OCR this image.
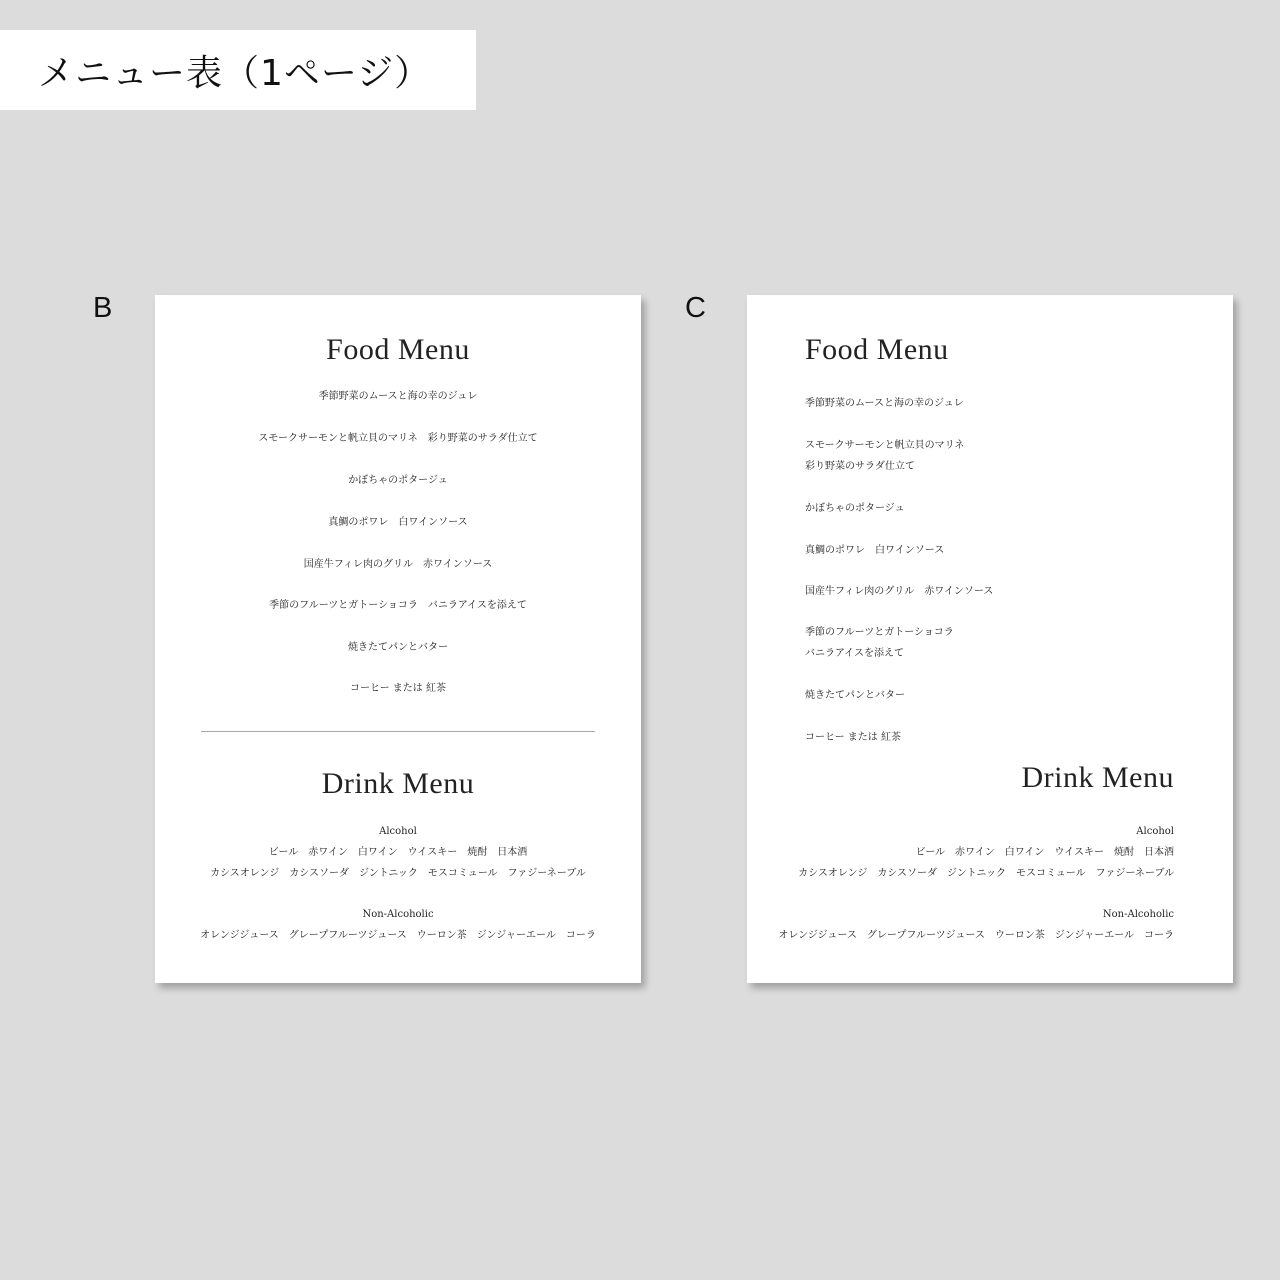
メニュー表（1ページ）
B
Food Menu
季節野菜のムースと海の幸のジュレ
スモークサーモンと帆立貝のマリネ　彩り野菜のサラダ仕立て
かぼちゃのポタージュ
真鯛のポワレ　白ワインソース
国産牛フィレ肉のグリル　赤ワインソース
季節のフルーツとガトーショコラ　バニラアイスを添えて
焼きたてパンとバター
コーヒー または 紅茶
Drink Menu
Alcohol
ビール　赤ワイン　白ワイン　ウイスキー　焼酎　日本酒
カシスオレンジ　カシスソーダ　ジントニック　モスコミュール　ファジーネーブル
Non-Alcoholic
オレンジジュース　グレープフルーツジュース　ウーロン茶　ジンジャーエール　コーラ
C
Food Menu
季節野菜のムースと海の幸のジュレ
スモークサーモンと帆立貝のマリネ
彩り野菜のサラダ仕立て
かぼちゃのポタージュ
真鯛のポワレ　白ワインソース
国産牛フィレ肉のグリル　赤ワインソース
季節のフルーツとガトーショコラ
バニラアイスを添えて
焼きたてパンとバター
コーヒー または 紅茶
Drink Menu
Alcohol
ビール　赤ワイン　白ワイン　ウイスキー　焼酎　日本酒
カシスオレンジ　カシスソーダ　ジントニック　モスコミュール　ファジーネーブル
Non-Alcoholic
オレンジジュース　グレープフルーツジュース　ウーロン茶　ジンジャーエール　コーラ
